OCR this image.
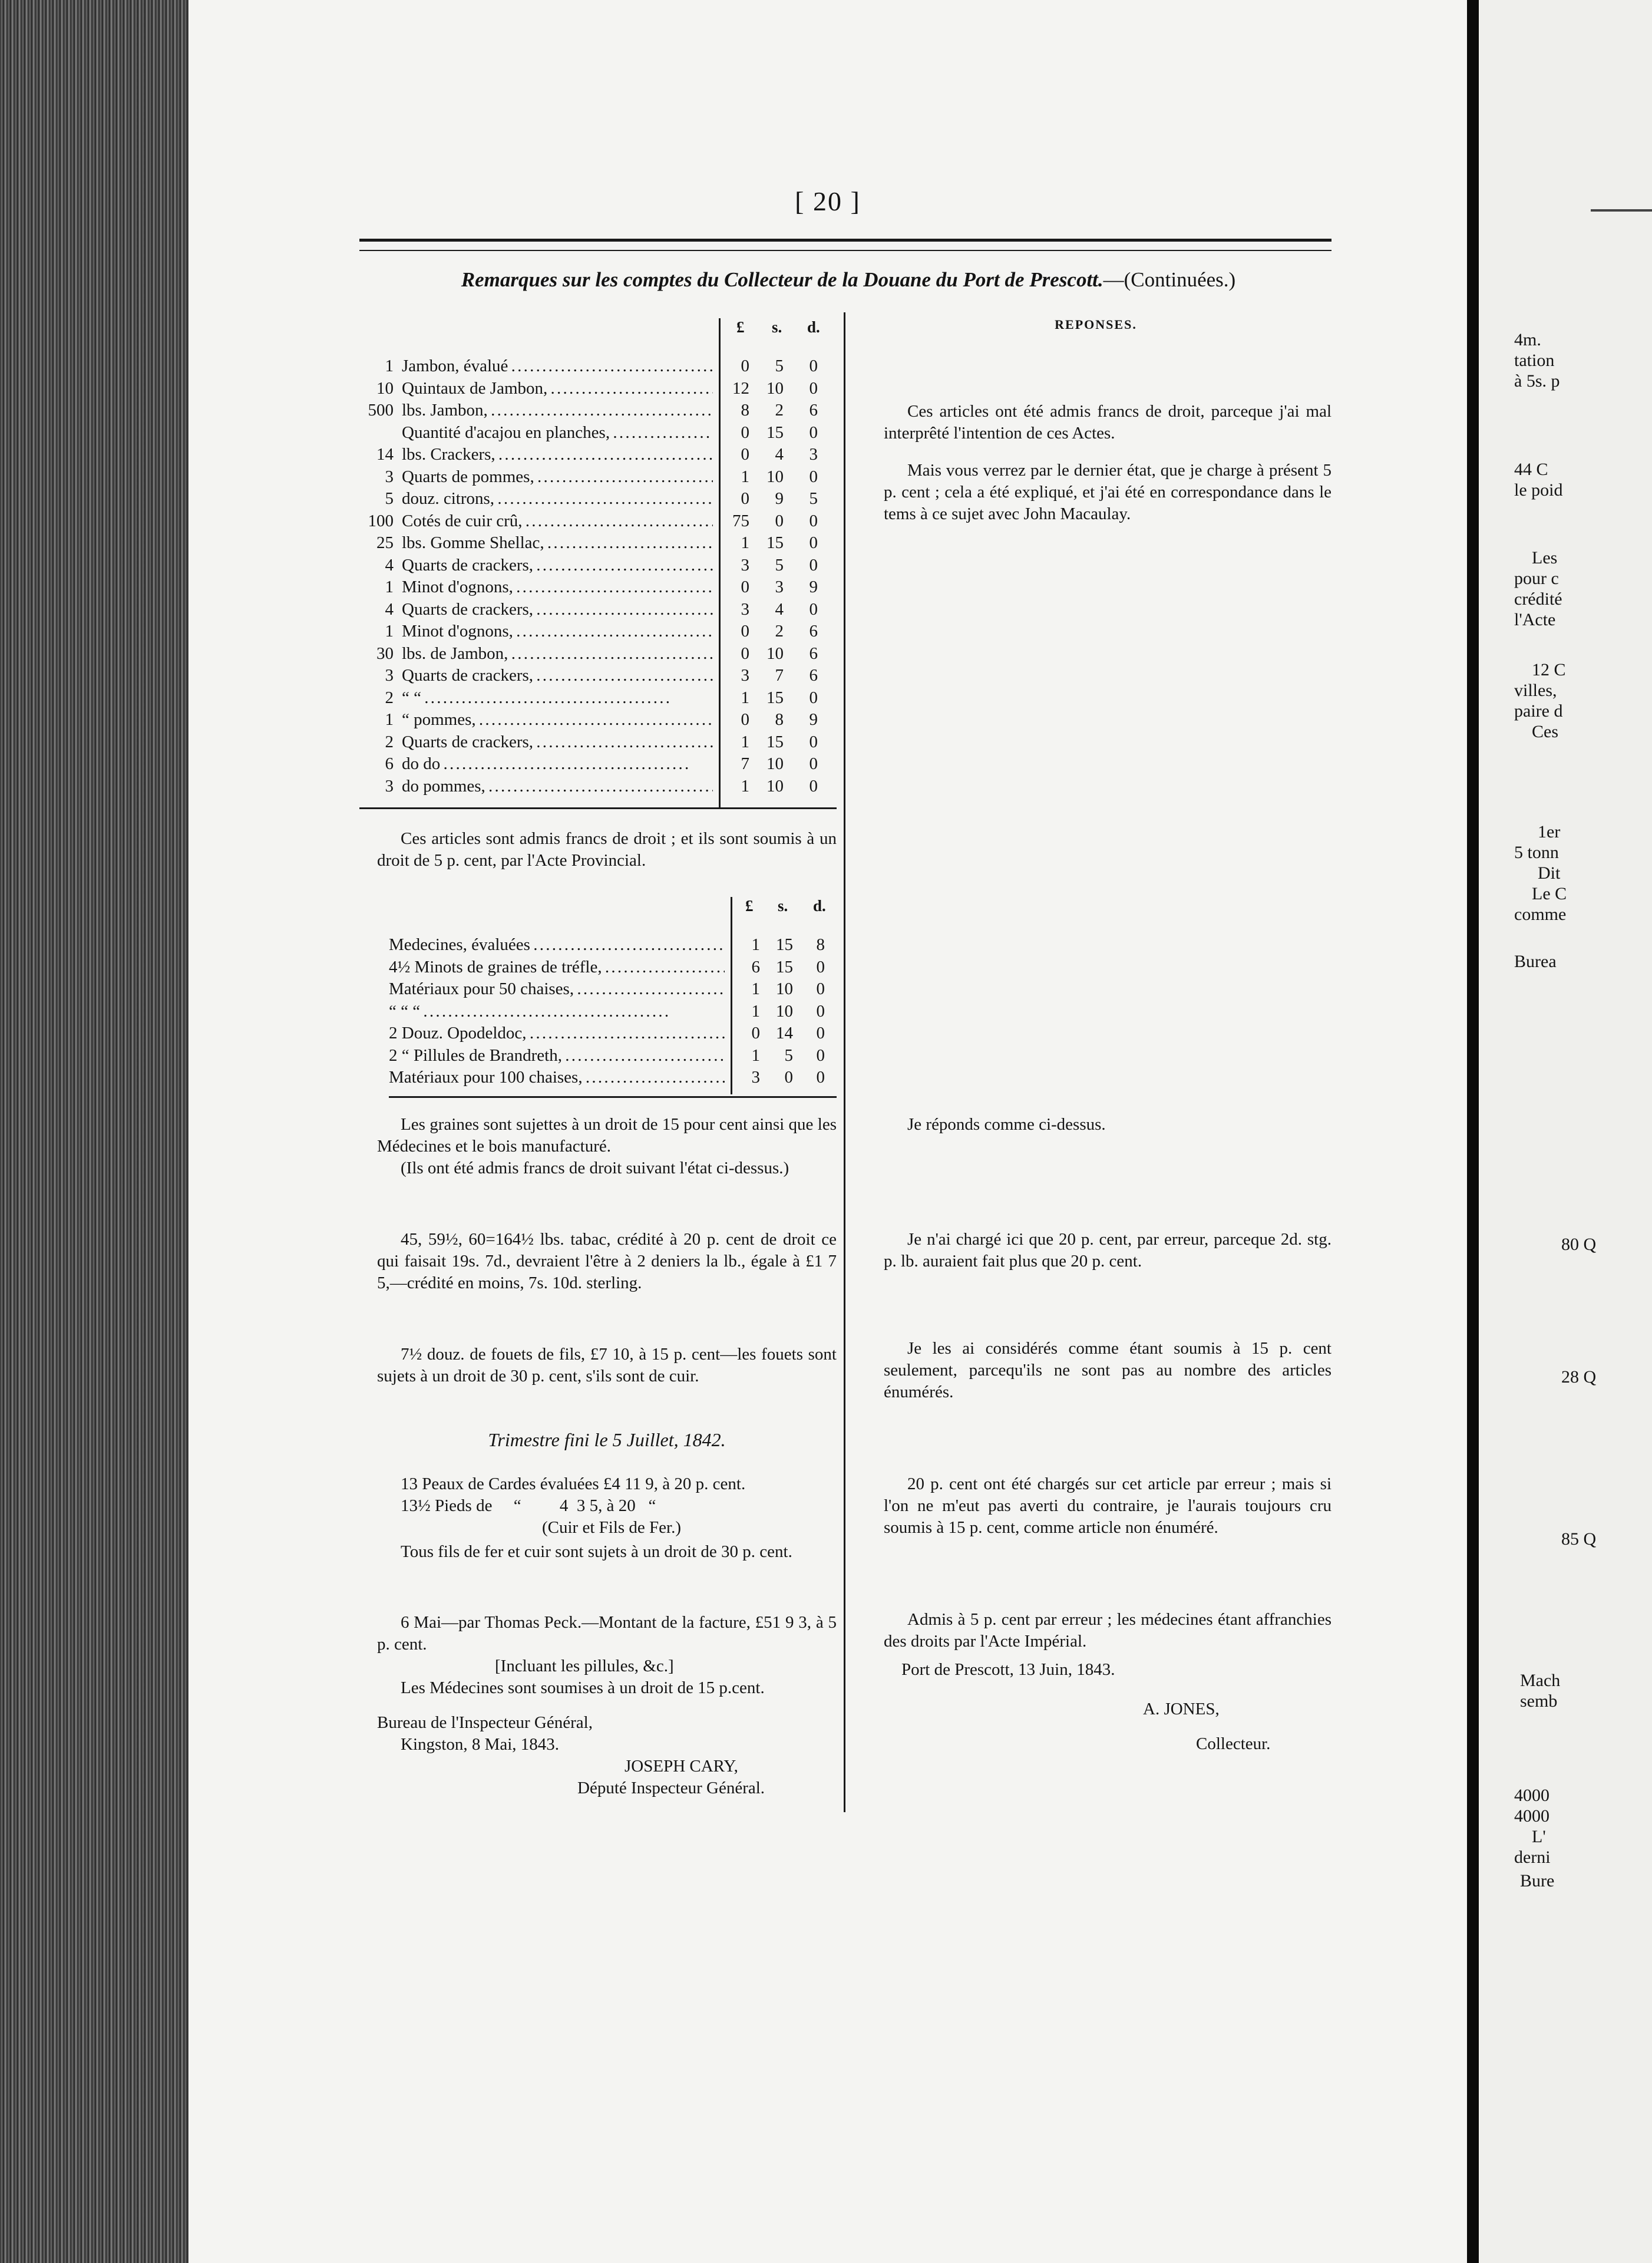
[ 20 ]
Remarques sur les comptes du Collecteur de la Douane du Port de Prescott.—(Continuées.)
REPONSES.
£ s. d.
1 Jambon, évalué . . .	0	5	0
10 Quintaux de Jambon, . . .	12	10	0
500 lbs. Jambon, . . .	8	2	6
Quantité d'acajou en planches, . . .	0	15	0
14 lbs. Crackers, . . .	0	4	3
3 Quarts de pommes, . . .	1	10	0
5 douz. citrons, . . .	0	9	5
100 Cotés de cuir crû, . . .	75	0	0
25 lbs. Gomme Shellac, . . .	1	15	0
4 Quarts de crackers, . . .	3	5	0
1 Minot d'ognons, . . .	0	3	9
4 Quarts de crackers, . . .	3	4	0
1 Minot d'ognons, . . .	0	2	6
30 lbs. de Jambon, . . .	0	10	6
3 Quarts de crackers, . . .	3	7	6
2 “ “ . . .	1	15	0
1 “ pommes, . . .	0	8	9
2 Quarts de crackers, . . .	1	15	0
6 do do . . .	7	10	0
3 do pommes, . . .	1	10	0

Ces articles ont été admis francs de droit, parceque j'ai mal interprêté l'intention de ces Actes.

Mais vous verrez par le dernier état, que je charge à présent 5 p. cent ; cela a été expliqué, et j'ai été en correspondance dans le tems à ce sujet avec John Macaulay.

Ces articles sont admis francs de droit ; et ils sont soumis à un droit de 5 p. cent, par l'Acte Provincial.

£ s. d.
Medecines, évaluées . . .	1 15	8
4½ Minots de graines de tréfle, . . .	6 15	0
Matériaux pour 50 chaises, . . .	1 10	0
“ “ “ . . .	1 10	0
2 Douz. Opodeldoc, . . .	0 14	0
2 “ Pillules de Brandreth, . . .	1	5	0
Matériaux pour 100 chaises, . . .	3	0	0

Les graines sont sujettes à un droit de 15 pour cent ainsi que les Médecines et le bois manufacturé.

(Ils ont été admis francs de droit suivant l'état ci-dessus.)

Je réponds comme ci-dessus.

45, 59½, 60=164½ lbs. tabac, crédité à 20 p. cent de droit ce qui faisait 19s. 7d., devraient l'être à 2 deniers la lb., égale à £1 7 5,—crédité en moins, 7s. 10d. sterling.

Je n'ai chargé ici que 20 p. cent, par erreur, parceque 2d. stg. p. lb. auraient fait plus que 20 p. cent.

7½ douz. de fouets de fils, £7 10, à 15 p. cent—les fouets sont sujets à un droit de 30 p. cent, s'ils sont de cuir.

Je les ai considérés comme étant soumis à 15 p. cent seulement, parcequ'ils ne sont pas au nombre des articles énumérés.

Trimestre fini le 5 Juillet, 1842.
13 Peaux de Cardes évaluées £4 11 9, à 20 p. cent.
13½ Pieds de     “         4  3 5, à 20   “
(Cuir et Fils de Fer.)

Tous fils de fer et cuir sont sujets à un droit de 30 p. cent.

20 p. cent ont été chargés sur cet article par erreur ; mais si l'on ne m'eut pas averti du contraire, je l'aurais toujours cru soumis à 15 p. cent, comme article non énuméré.

6 Mai—par Thomas Peck.—Montant de la facture, £51 9 3, à 5 p. cent.

[Incluant les pillules, &c.]
Les Médecines sont soumises à un droit de 15 p.cent.

Admis à 5 p. cent par erreur ; les médecines étant affranchies des droits par l'Acte Impérial.

Bureau de l'Inspecteur Général,
Kingston, 8 Mai, 1843.
JOSEPH CARY,
Député Inspecteur Général.
Port de Prescott, 13 Juin, 1843.
A. JONES,
Collecteur.
4m.
tation
à 5s. p
44 C
le poid
Les
pour c
crédité
l'Acte
12 C
villes,
paire d
Ces
1er
5 tonn
Dit
Le C
comme
Burea
80 Q
28 Q
85 Q
Mach
semb
4000
4000
L'
derni
Bure
